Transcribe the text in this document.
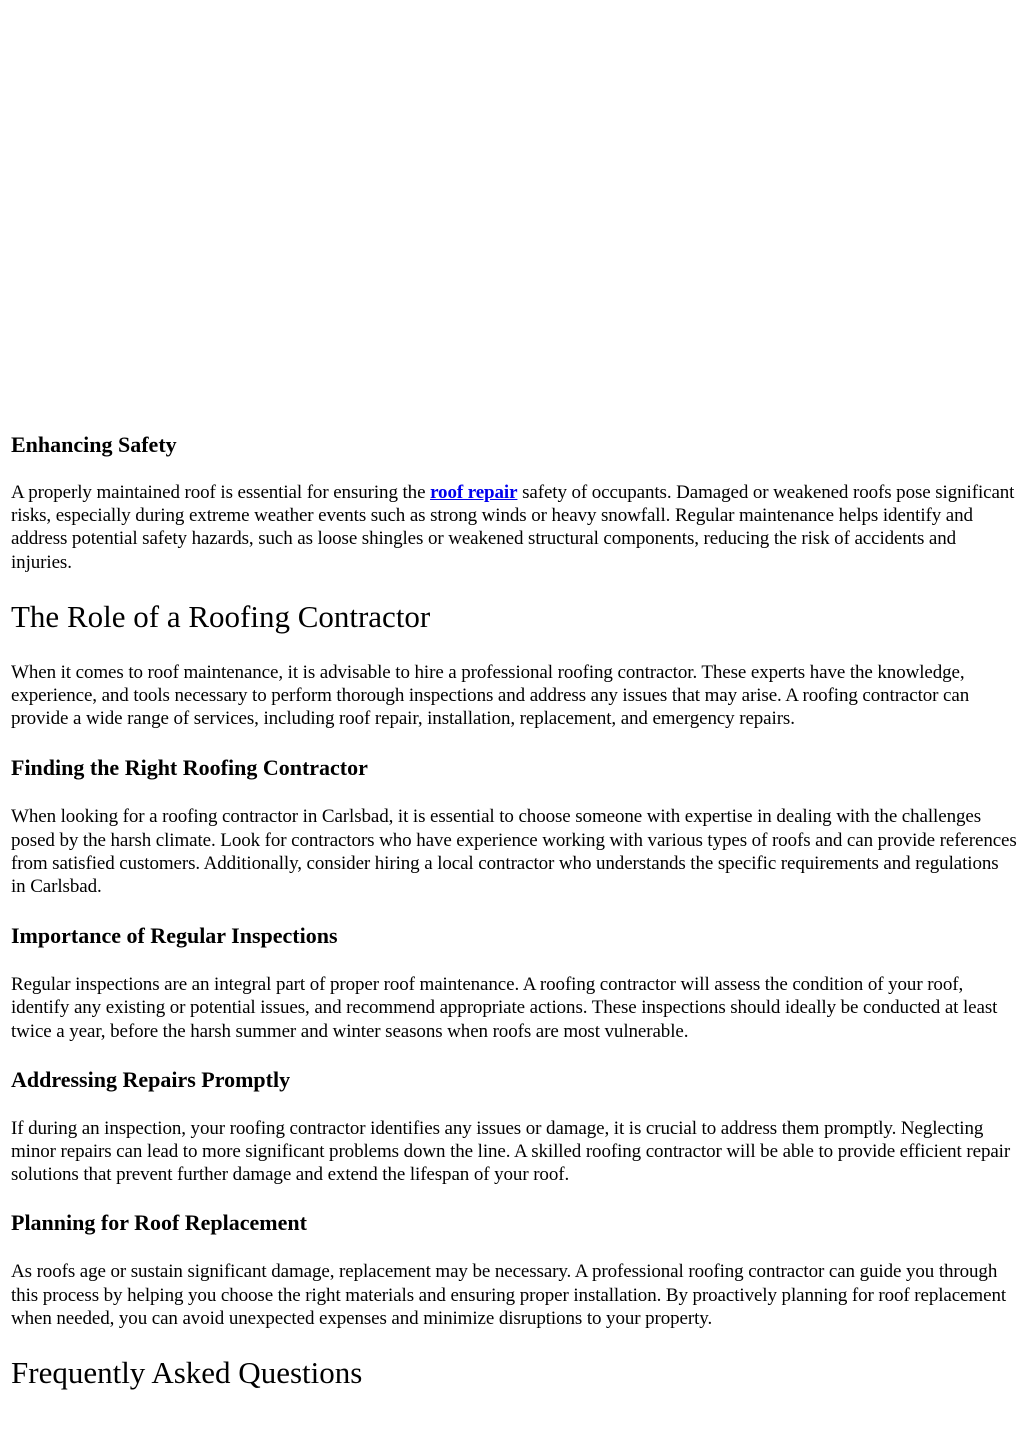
Enhancing Safety

A properly maintained roof is essential for ensuring the roof repair safety of occupants. Damaged or weakened roofs pose significant risks, especially during extreme weather events such as strong winds or heavy snowfall. Regular maintenance helps identify and address potential safety hazards, such as loose shingles or weakened structural components, reducing the risk of accidents and injuries.

The Role of a Roofing Contractor

When it comes to roof maintenance, it is advisable to hire a professional roofing contractor. These experts have the knowledge, experience, and tools necessary to perform thorough inspections and address any issues that may arise. A roofing contractor can provide a wide range of services, including roof repair, installation, replacement, and emergency repairs.

Finding the Right Roofing Contractor

When looking for a roofing contractor in Carlsbad, it is essential to choose someone with expertise in dealing with the challenges posed by the harsh climate. Look for contractors who have experience working with various types of roofs and can provide references from satisfied customers. Additionally, consider hiring a local contractor who understands the specific requirements and regulations in Carlsbad.

Importance of Regular Inspections

Regular inspections are an integral part of proper roof maintenance. A roofing contractor will assess the condition of your roof, identify any existing or potential issues, and recommend appropriate actions. These inspections should ideally be conducted at least twice a year, before the harsh summer and winter seasons when roofs are most vulnerable.

Addressing Repairs Promptly

If during an inspection, your roofing contractor identifies any issues or damage, it is crucial to address them promptly. Neglecting minor repairs can lead to more significant problems down the line. A skilled roofing contractor will be able to provide efficient repair solutions that prevent further damage and extend the lifespan of your roof.

Planning for Roof Replacement

As roofs age or sustain significant damage, replacement may be necessary. A professional roofing contractor can guide you through this process by helping you choose the right materials and ensuring proper installation. By proactively planning for roof replacement when needed, you can avoid unexpected expenses and minimize disruptions to your property.

Frequently Asked Questions
